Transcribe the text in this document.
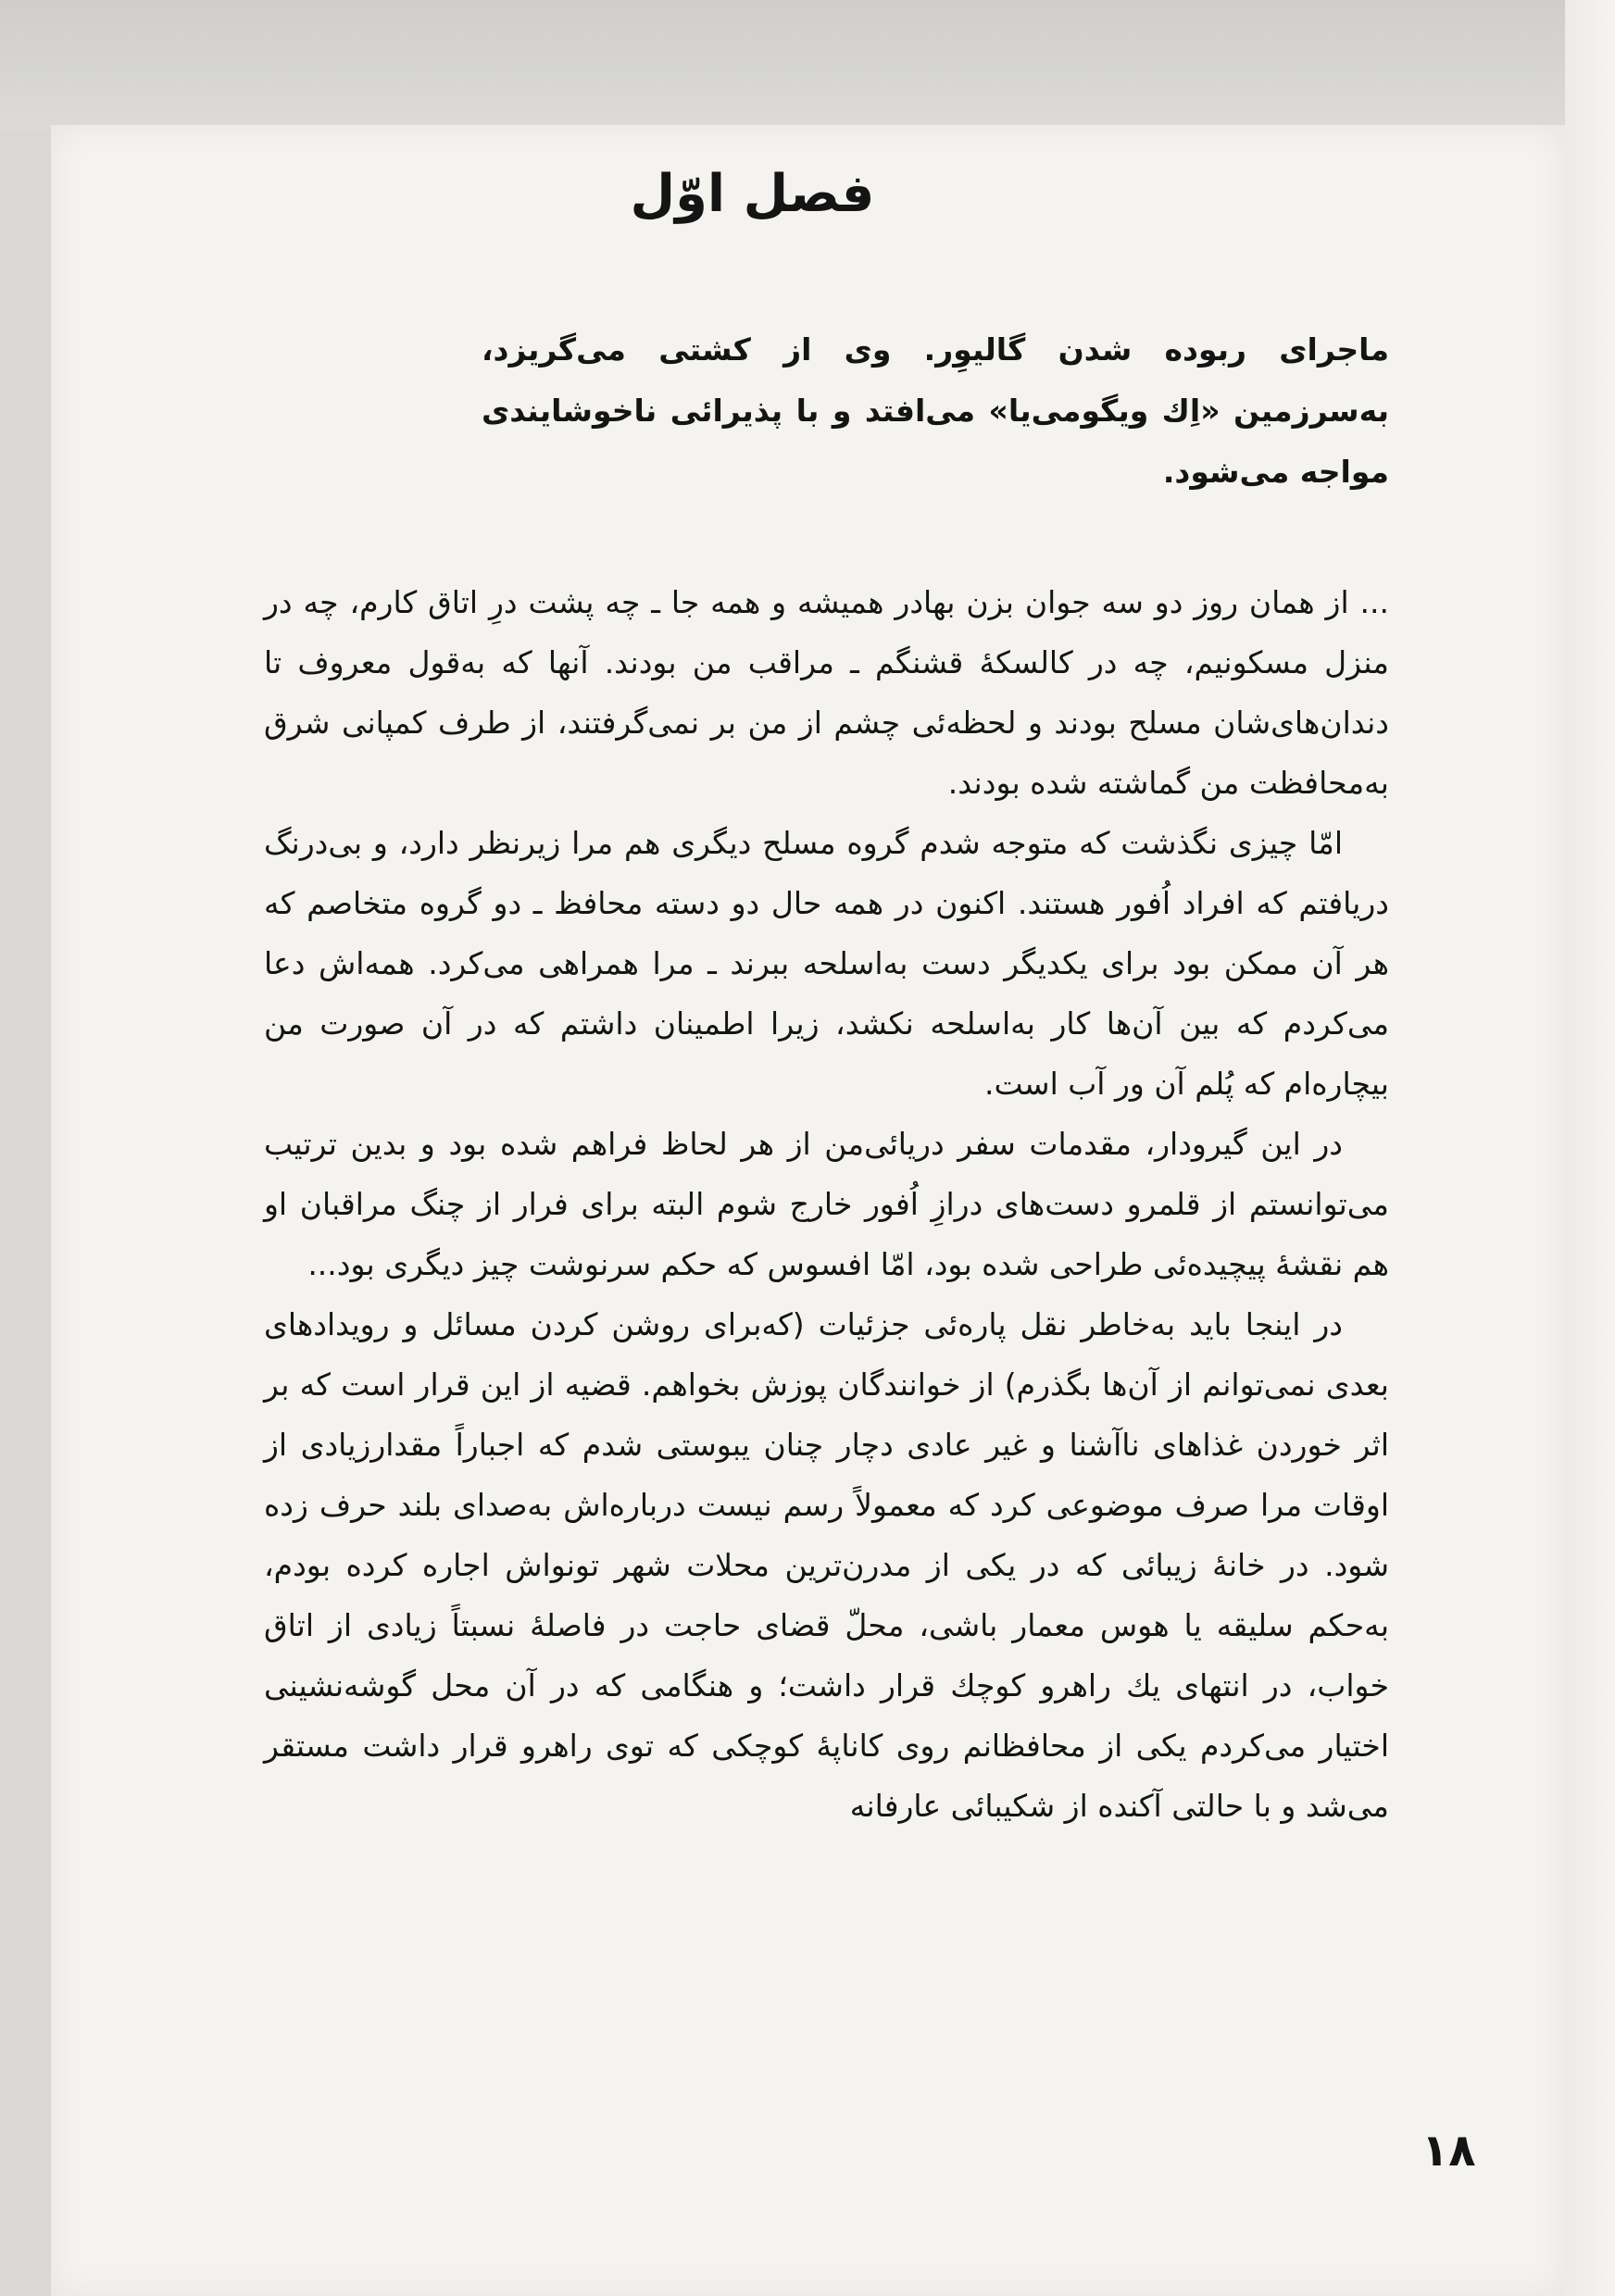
فصل اوّل

ماجرای ربوده شدن گالیوِر. وی از کشتی می‌گریزد، به‌سرزمین «اِك ویگومی‌یا» می‌افتد و با پذیرائی ناخوشایندی مواجه می‌شود.

... از همان روز دو سه جوان بزن بهادر همیشه و همه جا ـ چه پشت درِ اتاق کارم، چه در منزل مسکونیم، چه در کالسکهٔ قشنگم ـ مراقب من بودند. آنها که به‌قول معروف تا دندان‌های‌شان مسلح بودند و لحظه‌ئی چشم از من بر نمی‌گرفتند، از طرف کمپانی شرق به‌محافظت من گماشته شده بودند.

امّا چیزی نگذشت که متوجه شدم گروه مسلح دیگری هم مرا زیرنظر دارد، و بی‌درنگ دریافتم که افراد اُفور هستند. اکنون در همه حال دو دسته محافظ ـ دو گروه متخاصم که هر آن ممکن بود برای یکدیگر دست به‌اسلحه ببرند ـ مرا همراهی می‌کرد. همه‌اش دعا می‌کردم که بین آن‌ها کار به‌اسلحه نکشد، زیرا اطمینان داشتم که در آن صورت من بیچاره‌ام که پُلم آن ور آب است.

در این گیرودار، مقدمات سفر دریائی‌من از هر لحاظ فراهم شده بود و بدین ترتیب می‌توانستم از قلمرو دست‌های درازِ اُفور خارج شوم البته برای فرار از چنگ مراقبان او هم نقشهٔ پیچیده‌ئی طراحی شده بود، امّا افسوس که حکم سرنوشت چیز دیگری بود...

در اینجا باید به‌خاطر نقل پاره‌ئی جزئیات (که‌برای روشن کردن مسائل و رویدادهای بعدی نمی‌توانم از آن‌ها بگذرم) از خوانندگان پوزش بخواهم. قضیه از این قرار است که بر اثر خوردن غذاهای ناآشنا و غیر عادی دچار چنان یبوستی شدم که اجباراً مقدارزیادی از اوقات مرا صرف موضوعی کرد که معمولاً رسم نیست درباره‌اش به‌صدای بلند حرف زده شود. در خانهٔ زیبائی که در یکی از مدرن‌ترین محلات شهر تونواش اجاره کرده بودم، به‌حکم سلیقه یا هوس معمار باشی، محلّ قضای حاجت در فاصلهٔ نسبتاً زیادی از اتاق خواب، در انتهای یك راهرو کوچك قرار داشت؛ و هنگامی که در آن محل گوشه‌نشینی اختیار می‌کردم یکی از محافظانم روی کاناپهٔ کوچکی که توی راهرو قرار داشت مستقر می‌شد و با حالتی آکنده از شکیبائی عارفانه

۱۸
